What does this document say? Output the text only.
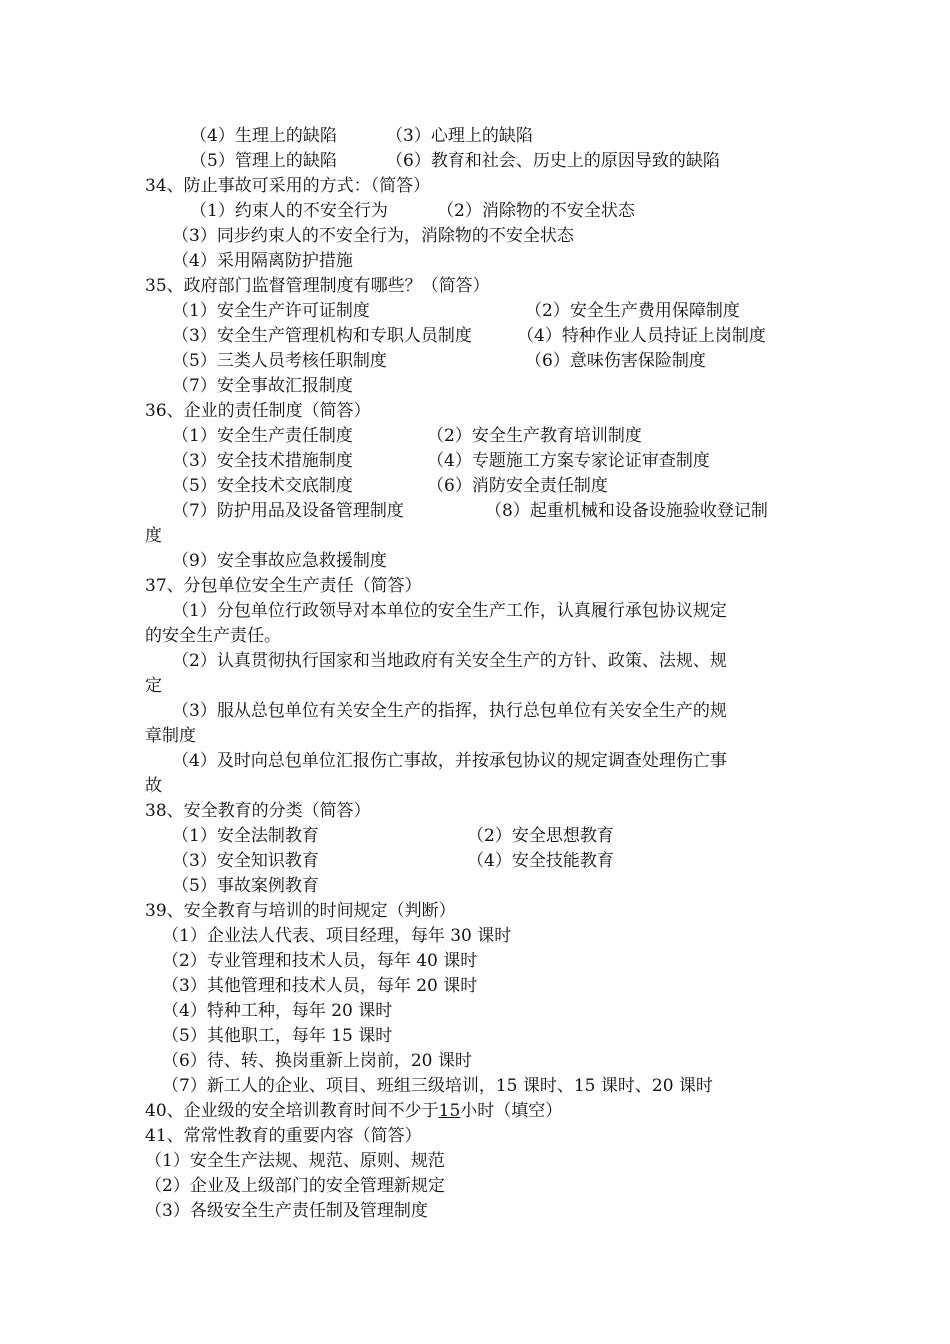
（4）生理上的缺陷	（3）心理上的缺陷
（5）管理上的缺陷	（6）教育和社会、历史上的原因导致的缺陷
34、防止事故可采用的方式：（简答）
（1）约束人的不安全行为	（2）消除物的不安全状态
（3）同步约束人的不安全行为，消除物的不安全状态
（4）采用隔离防护措施
35、政府部门监督管理制度有哪些？（简答）
（1）安全生产许可证制度	（2）安全生产费用保障制度
（3）安全生产管理机构和专职人员制度	（4）特种作业人员持证上岗制度
（5）三类人员考核任职制度	（6）意味伤害保险制度
（7）安全事故汇报制度
36、企业的责任制度（简答）
（1）安全生产责任制度	（2）安全生产教育培训制度
（3）安全技术措施制度	（4）专题施工方案专家论证审查制度
（5）安全技术交底制度	（6）消防安全责任制度
（7）防护用品及设备管理制度	（8）起重机械和设备设施验收登记制
度
（9）安全事故应急救援制度
37、分包单位安全生产责任（简答）
（1）分包单位行政领导对本单位的安全生产工作，认真履行承包协议规定
的安全生产责任。
（2）认真贯彻执行国家和当地政府有关安全生产的方针、政策、法规、规
定
（3）服从总包单位有关安全生产的指挥，执行总包单位有关安全生产的规
章制度
（4）及时向总包单位汇报伤亡事故，并按承包协议的规定调查处理伤亡事
故
38、安全教育的分类（简答）
（1）安全法制教育	（2）安全思想教育
（3）安全知识教育	（4）安全技能教育
（5）事故案例教育
39、安全教育与培训的时间规定（判断）
（1）企业法人代表、项目经理，每年 30 课时
（2）专业管理和技术人员，每年 40 课时
（3）其他管理和技术人员，每年 20 课时
（4）特种工种，每年 20 课时
（5）其他职工，每年 15 课时
（6）待、转、换岗重新上岗前，20 课时
（7）新工人的企业、项目、班组三级培训，15 课时、15 课时、20 课时
40、企业级的安全培训教育时间不少于15小时（填空）
41、常常性教育的重要内容（简答）
（1）安全生产法规、规范、原则、规范
（2）企业及上级部门的安全管理新规定
（3）各级安全生产责任制及管理制度
